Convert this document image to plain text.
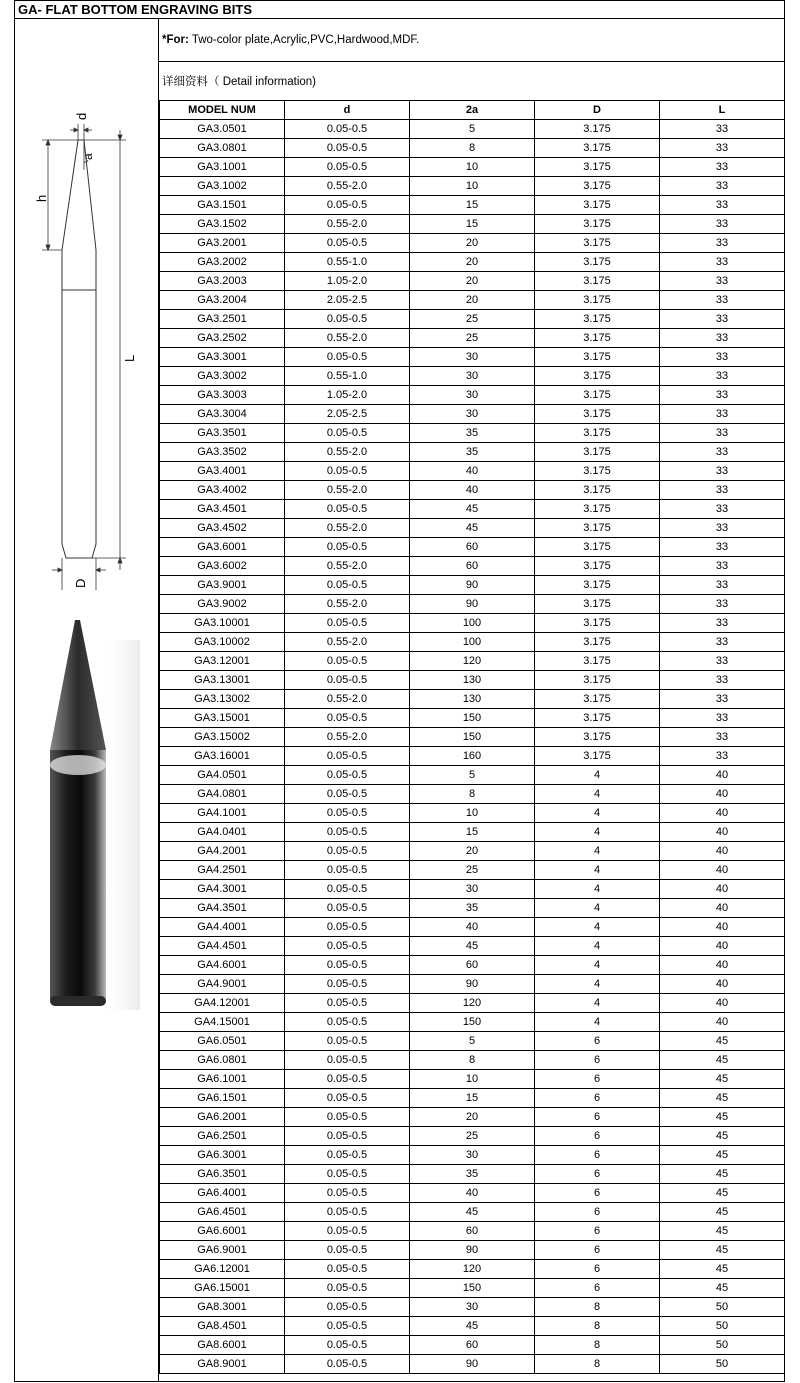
GA- FLAT BOTTOM ENGRAVING BITS
*For: Two-color plate,Acrylic,PVC,Hardwood,MDF.
详细资料（ Detail information)
d
a
h
L
D
MODEL NUM	d	2a	D	L
GA3.0501	0.05-0.5	5	3.175	33
GA3.0801	0.05-0.5	8	3.175	33
GA3.1001	0.05-0.5	10	3.175	33
GA3.1002	0.55-2.0	10	3.175	33
GA3.1501	0.05-0.5	15	3.175	33
GA3.1502	0.55-2.0	15	3.175	33
GA3.2001	0.05-0.5	20	3.175	33
GA3.2002	0.55-1.0	20	3.175	33
GA3.2003	1.05-2.0	20	3.175	33
GA3.2004	2.05-2.5	20	3.175	33
GA3.2501	0.05-0.5	25	3.175	33
GA3.2502	0.55-2.0	25	3.175	33
GA3.3001	0.05-0.5	30	3.175	33
GA3.3002	0.55-1.0	30	3.175	33
GA3.3003	1.05-2.0	30	3.175	33
GA3.3004	2.05-2.5	30	3.175	33
GA3.3501	0.05-0.5	35	3.175	33
GA3.3502	0.55-2.0	35	3.175	33
GA3.4001	0.05-0.5	40	3.175	33
GA3.4002	0.55-2.0	40	3.175	33
GA3.4501	0.05-0.5	45	3.175	33
GA3.4502	0.55-2.0	45	3.175	33
GA3.6001	0.05-0.5	60	3.175	33
GA3.6002	0.55-2.0	60	3.175	33
GA3.9001	0.05-0.5	90	3.175	33
GA3.9002	0.55-2.0	90	3.175	33
GA3.10001	0.05-0.5	100	3.175	33
GA3.10002	0.55-2.0	100	3.175	33
GA3.12001	0.05-0.5	120	3.175	33
GA3.13001	0.05-0.5	130	3.175	33
GA3.13002	0.55-2.0	130	3.175	33
GA3.15001	0.05-0.5	150	3.175	33
GA3.15002	0.55-2.0	150	3.175	33
GA3.16001	0.05-0.5	160	3.175	33
GA4.0501	0.05-0.5	5	4	40
GA4.0801	0.05-0.5	8	4	40
GA4.1001	0.05-0.5	10	4	40
GA4.0401	0.05-0.5	15	4	40
GA4.2001	0.05-0.5	20	4	40
GA4.2501	0.05-0.5	25	4	40
GA4.3001	0.05-0.5	30	4	40
GA4.3501	0.05-0.5	35	4	40
GA4.4001	0.05-0.5	40	4	40
GA4.4501	0.05-0.5	45	4	40
GA4.6001	0.05-0.5	60	4	40
GA4.9001	0.05-0.5	90	4	40
GA4.12001	0.05-0.5	120	4	40
GA4.15001	0.05-0.5	150	4	40
GA6.0501	0.05-0.5	5	6	45
GA6.0801	0.05-0.5	8	6	45
GA6.1001	0.05-0.5	10	6	45
GA6.1501	0.05-0.5	15	6	45
GA6.2001	0.05-0.5	20	6	45
GA6.2501	0.05-0.5	25	6	45
GA6.3001	0.05-0.5	30	6	45
GA6.3501	0.05-0.5	35	6	45
GA6.4001	0.05-0.5	40	6	45
GA6.4501	0.05-0.5	45	6	45
GA6.6001	0.05-0.5	60	6	45
GA6.9001	0.05-0.5	90	6	45
GA6.12001	0.05-0.5	120	6	45
GA6.15001	0.05-0.5	150	6	45
GA8.3001	0.05-0.5	30	8	50
GA8.4501	0.05-0.5	45	8	50
GA8.6001	0.05-0.5	60	8	50
GA8.9001	0.05-0.5	90	8	50
